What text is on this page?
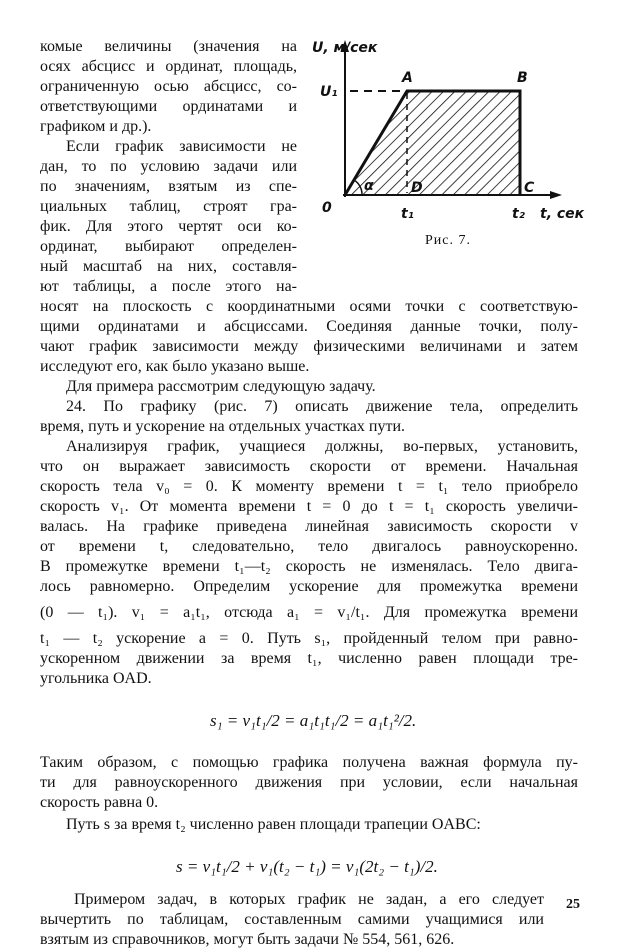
U, м/сек
U₁
A	B
C
D
α
0	t₁	t₂ t, сек
Рис. 7.
комые величины (значения на
осях абсцисс и ординат, площадь,
ограниченную осью абсцисс, со-
ответствующими ординатами и
графиком и др.).
Если график зависимости не
дан, то по условию задачи или
по значениям, взятым из спе-
циальных таблиц, строят гра-
фик. Для этого чертят оси ко-
ординат, выбирают определен-
ный масштаб на них, составля-
ют таблицы, а после этого на-
носят на плоскость с координатными осями точки с соответствую-
щими ординатами и абсциссами. Соединяя данные точки, полу-
чают график зависимости между физическими величинами и затем
исследуют его, как было указано выше.
Для примера рассмотрим следующую задачу.
24. По графику (рис. 7) описать движение тела, определить
время, путь и ускорение на отдельных участках пути.
Анализируя график, учащиеся должны, во-первых, установить,
что он выражает зависимость скорости от времени. Начальная
скорость тела v₀ = 0. К моменту времени t = t₁ тело приобрело
скорость v₁. От момента времени t = 0 до t = t₁ скорость увеличи-
валась. На графике приведена линейная зависимость скорости v
от времени t, следовательно, тело двигалось равноускоренно.
В промежутке времени t₁—t₂ скорость не изменялась. Тело двига-
лось равномерно. Определим ускорение для промежутка времени
(0 — t₁). v₁ = a₁t₁, отсюда a₁ = v₁/t₁. Для промежутка времени
t₁ — t₂ ускорение a = 0. Путь s₁, пройденный телом при равно-
ускоренном движении за время t₁, численно равен площади тре-
угольника OAD.
s₁ = v₁t₁/2 = a₁t₁t₁/2 = a₁t₁²/2.
Таким образом, с помощью графика получена важная формула пу-
ти для равноускоренного движения при условии, если начальная
скорость равна 0.
Путь s за время t₂ численно равен площади трапеции OABC:
s = v₁t₁/2 + v₁(t₂ − t₁) = v₁(2t₂ − t₁)/2.
Примером задач, в которых график не задан, а его следует
вычертить по таблицам, составленным самими учащимися или
взятым из справочников, могут быть задачи № 554, 561, 626.
25
